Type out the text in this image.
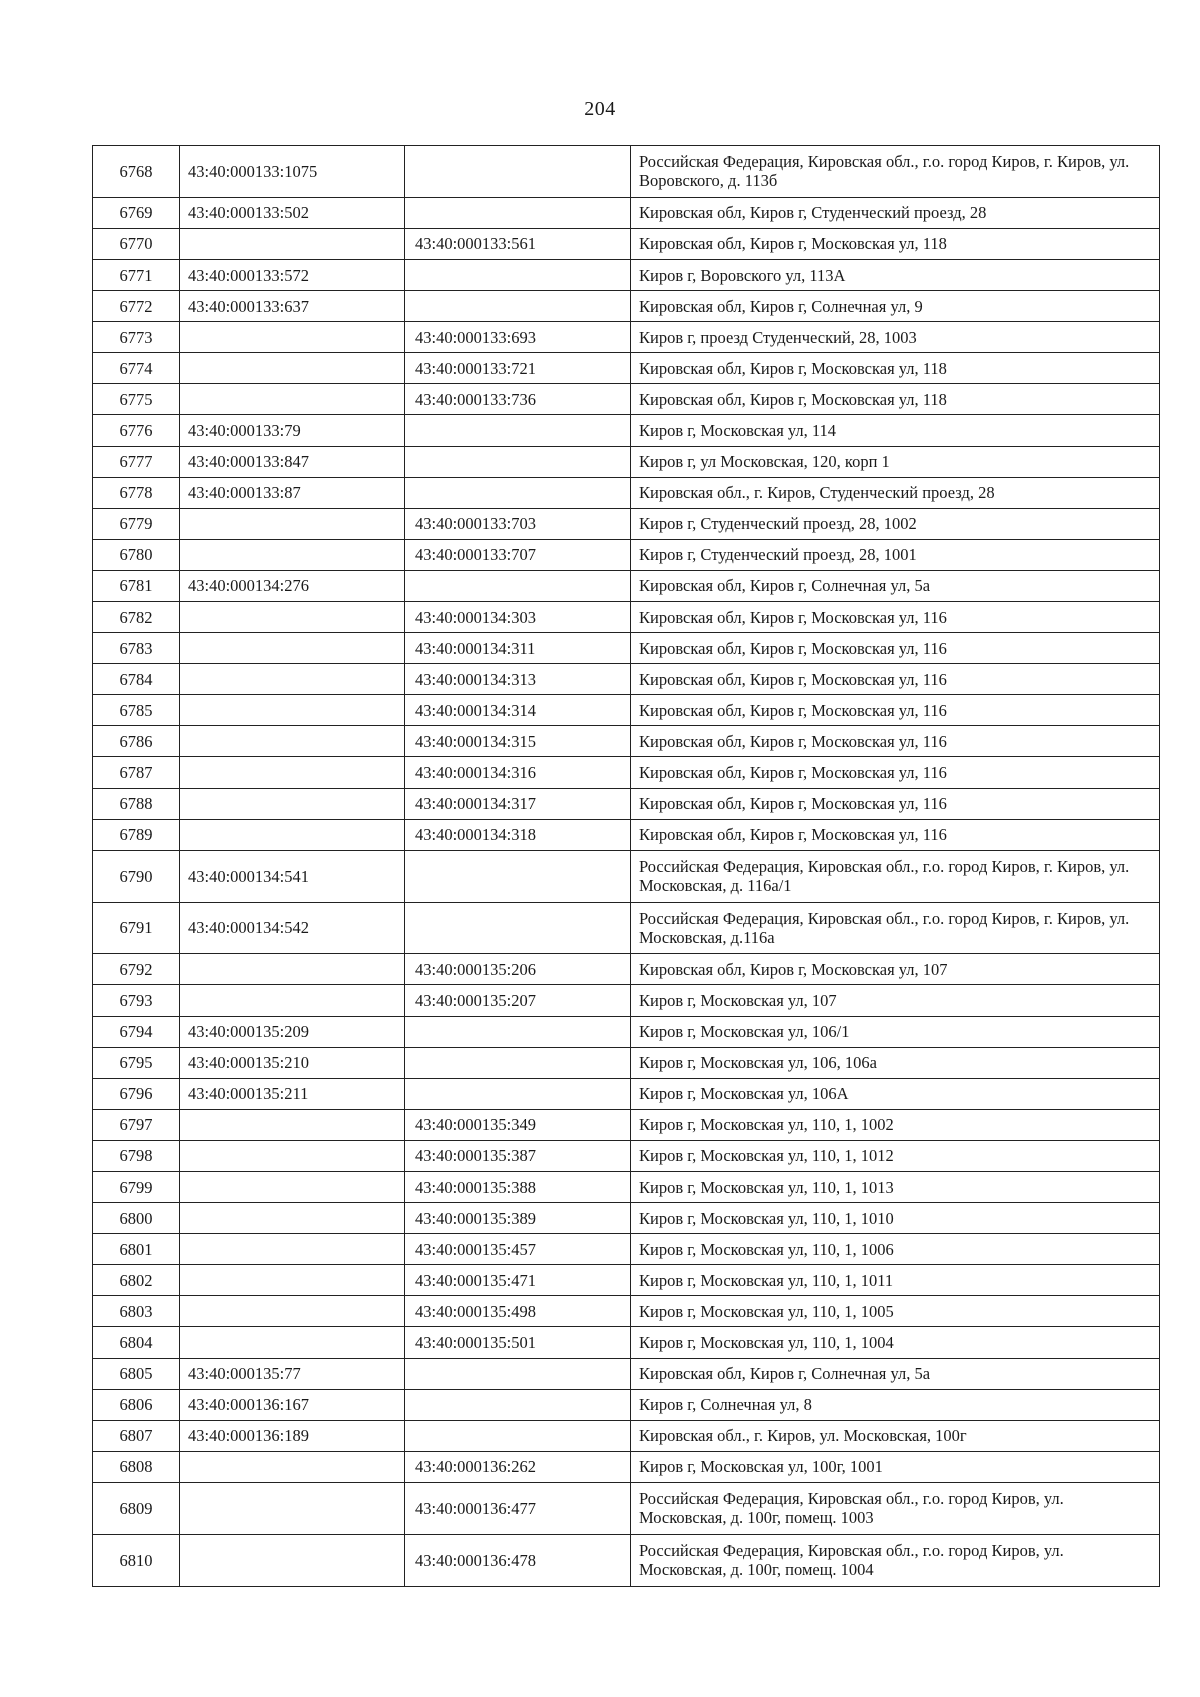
204
6768	43:40:000133:1075		Российская Федерация, Кировская обл., г.о. город Киров, г. Киров, ул. Воровского, д. 113б
6769	43:40:000133:502		Кировская обл, Киров г, Студенческий проезд, 28
6770		43:40:000133:561	Кировская обл, Киров г, Московская ул, 118
6771	43:40:000133:572		Киров г, Воровского ул, 113А
6772	43:40:000133:637		Кировская обл, Киров г, Солнечная ул, 9
6773		43:40:000133:693	Киров г, проезд Студенческий, 28, 1003
6774		43:40:000133:721	Кировская обл, Киров г, Московская ул, 118
6775		43:40:000133:736	Кировская обл, Киров г, Московская ул, 118
6776	43:40:000133:79		Киров г, Московская ул, 114
6777	43:40:000133:847		Киров г, ул Московская, 120, корп 1
6778	43:40:000133:87		Кировская обл., г. Киров, Студенческий проезд, 28
6779		43:40:000133:703	Киров г, Студенческий проезд, 28, 1002
6780		43:40:000133:707	Киров г, Студенческий проезд, 28, 1001
6781	43:40:000134:276		Кировская обл, Киров г, Солнечная ул, 5а
6782		43:40:000134:303	Кировская обл, Киров г, Московская ул, 116
6783		43:40:000134:311	Кировская обл, Киров г, Московская ул, 116
6784		43:40:000134:313	Кировская обл, Киров г, Московская ул, 116
6785		43:40:000134:314	Кировская обл, Киров г, Московская ул, 116
6786		43:40:000134:315	Кировская обл, Киров г, Московская ул, 116
6787		43:40:000134:316	Кировская обл, Киров г, Московская ул, 116
6788		43:40:000134:317	Кировская обл, Киров г, Московская ул, 116
6789		43:40:000134:318	Кировская обл, Киров г, Московская ул, 116
6790	43:40:000134:541		Российская Федерация, Кировская обл., г.о. город Киров, г. Киров, ул. Московская, д. 116а/1
6791	43:40:000134:542		Российская Федерация, Кировская обл., г.о. город Киров, г. Киров, ул. Московская, д.116а
6792		43:40:000135:206	Кировская обл, Киров г, Московская ул, 107
6793		43:40:000135:207	Киров г, Московская ул, 107
6794	43:40:000135:209		Киров г, Московская ул, 106/1
6795	43:40:000135:210		Киров г, Московская ул, 106, 106а
6796	43:40:000135:211		Киров г, Московская ул, 106А
6797		43:40:000135:349	Киров г, Московская ул, 110, 1, 1002
6798		43:40:000135:387	Киров г, Московская ул, 110, 1, 1012
6799		43:40:000135:388	Киров г, Московская ул, 110, 1, 1013
6800		43:40:000135:389	Киров г, Московская ул, 110, 1, 1010
6801		43:40:000135:457	Киров г, Московская ул, 110, 1, 1006
6802		43:40:000135:471	Киров г, Московская ул, 110, 1, 1011
6803		43:40:000135:498	Киров г, Московская ул, 110, 1, 1005
6804		43:40:000135:501	Киров г, Московская ул, 110, 1, 1004
6805	43:40:000135:77		Кировская обл, Киров г, Солнечная ул, 5а
6806	43:40:000136:167		Киров г, Солнечная ул, 8
6807	43:40:000136:189		Кировская обл., г. Киров, ул. Московская, 100г
6808		43:40:000136:262	Киров г, Московская ул, 100г, 1001
6809		43:40:000136:477	Российская Федерация, Кировская обл., г.о. город Киров, ул. Московская, д. 100г, помещ. 1003
6810		43:40:000136:478	Российская Федерация, Кировская обл., г.о. город Киров, ул. Московская, д. 100г, помещ. 1004
